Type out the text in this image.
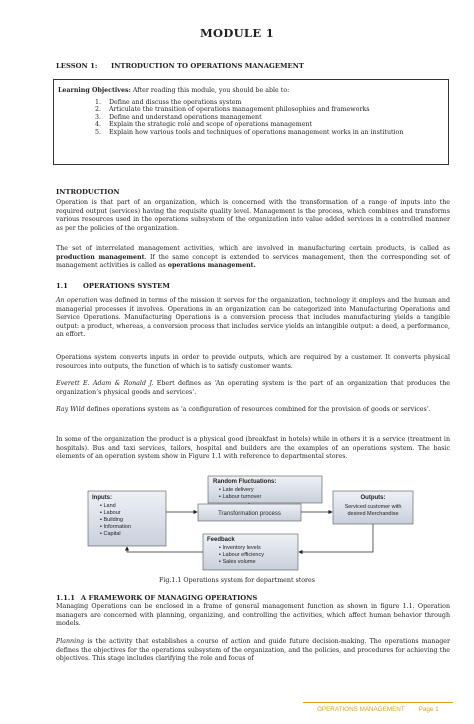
MODULE 1
LESSON 1: INTRODUCTION TO OPERATIONS MANAGEMENT
Learning Objectives: After reading this module, you should be able to:
1. Define and discuss the operations system
2. Articulate the transition of operations management philosophies and frameworks
3. Define and understand operations management
4. Explain the strategic role and scope of operations management
5. Explain how various tools and techniques of operations management works in an institution
INTRODUCTION
Operation is that part of an organization, which is concerned with the transformation of a range of inputs into the required output (services) having the requisite quality level. Management is the process, which combines and transforms various resources used in the operations subsystem of the organization into value added services in a controlled manner as per the policies of the organization.
The set of interrelated management activities, which are involved in manufacturing certain products, is called as production management. If the same concept is extended to services management, then the corresponding set of management activities is called as operations management.
1.1 OPERATIONS SYSTEM
An operation was defined in terms of the mission it serves for the organization, technology it employs and the human and managerial processes it involves. Operations in an organization can be categorized into Manufacturing Operations and Service Operations. Manufacturing Operations is a conversion process that includes manufacturing yields a tangible output: a product, whereas, a conversion process that includes service yields an intangible output: a deed, a performance, an effort.
Operations system converts inputs in order to provide outputs, which are required by a customer. It converts physical resources into outputs, the function of which is to satisfy customer wants.
Everett E. Adam & Ronald J. Ebert defines as ‘An operating system is the part of an organization that produces the organization’s physical goods and services’.
Ray Wild defines operations system as ‘a configuration of resources combined for the provision of goods or services’.
In some of the organization the product is a physical good (breakfast in hotels) while in others it is a service (treatment in hospitals). Bus and taxi services, tailors, hospital and builders are the examples of an operations system. The basic elements of an operation system show in Figure 1.1 with reference to departmental stores.
Random Fluctuations:
▪ Late delivery
▪ Labour turnover
Inputs:
▪ Land
▪ Labour
▪ Building
▪ Information
▪ Capital
Transformation process
Outputs:
Serviced customer with
desired Merchandise
Feedback
▪ Inventory levels
▪ Labour efficiency
▪ Sales volume
Fig.1.1 Operations system for department stores
1.1.1 A FRAMEWORK OF MANAGING OPERATIONS
Managing Operations can be enclosed in a frame of general management function as shown in figure 1.1. Operation managers are concerned with planning, organizing, and controlling the activities, which affect human behavior through models.
Planning is the activity that establishes a course of action and guide future decision-making. The operations manager defines the objectives for the operations subsystem of the organization, and the policies, and procedures for achieving the objectives. This stage includes clarifying the role and focus of
OPERATIONS MANAGEMENT Page 1
